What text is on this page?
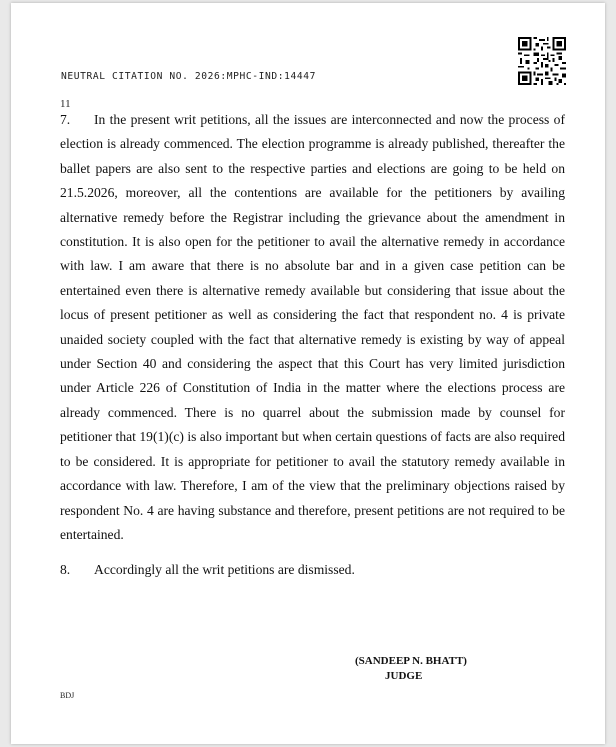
NEUTRAL CITATION NO. 2026:MPHC-IND:14447
11

7. In the present writ petitions, all the issues are interconnected and now the process of election is already commenced. The election programme is already published, thereafter the ballet papers are also sent to the respective parties and elections are going to be held on 21.5.2026, moreover, all the contentions are available for the petitioners by availing alternative remedy before the Registrar including the grievance about the amendment in constitution. It is also open for the petitioner to avail the alternative remedy in accordance with law. I am aware that there is no absolute bar and in a given case petition can be entertained even there is alternative remedy available but considering that issue about the locus of present petitioner as well as considering the fact that respondent no. 4 is private unaided society coupled with the fact that alternative remedy is existing by way of appeal under Section 40 and considering the aspect that this Court has very limited jurisdiction under Article 226 of Constitution of India in the matter where the elections process are already commenced. There is no quarrel about the submission made by counsel for petitioner that 19(1)(c) is also important but when certain questions of facts are also required to be considered. It is appropriate for petitioner to avail the statutory remedy available in accordance with law. Therefore, I am of the view that the preliminary objections raised by respondent No. 4 are having substance and therefore, present petitions are not required to be entertained.

8. Accordingly all the writ petitions are dismissed.

(SANDEEP N. BHATT)
JUDGE
BDJ
